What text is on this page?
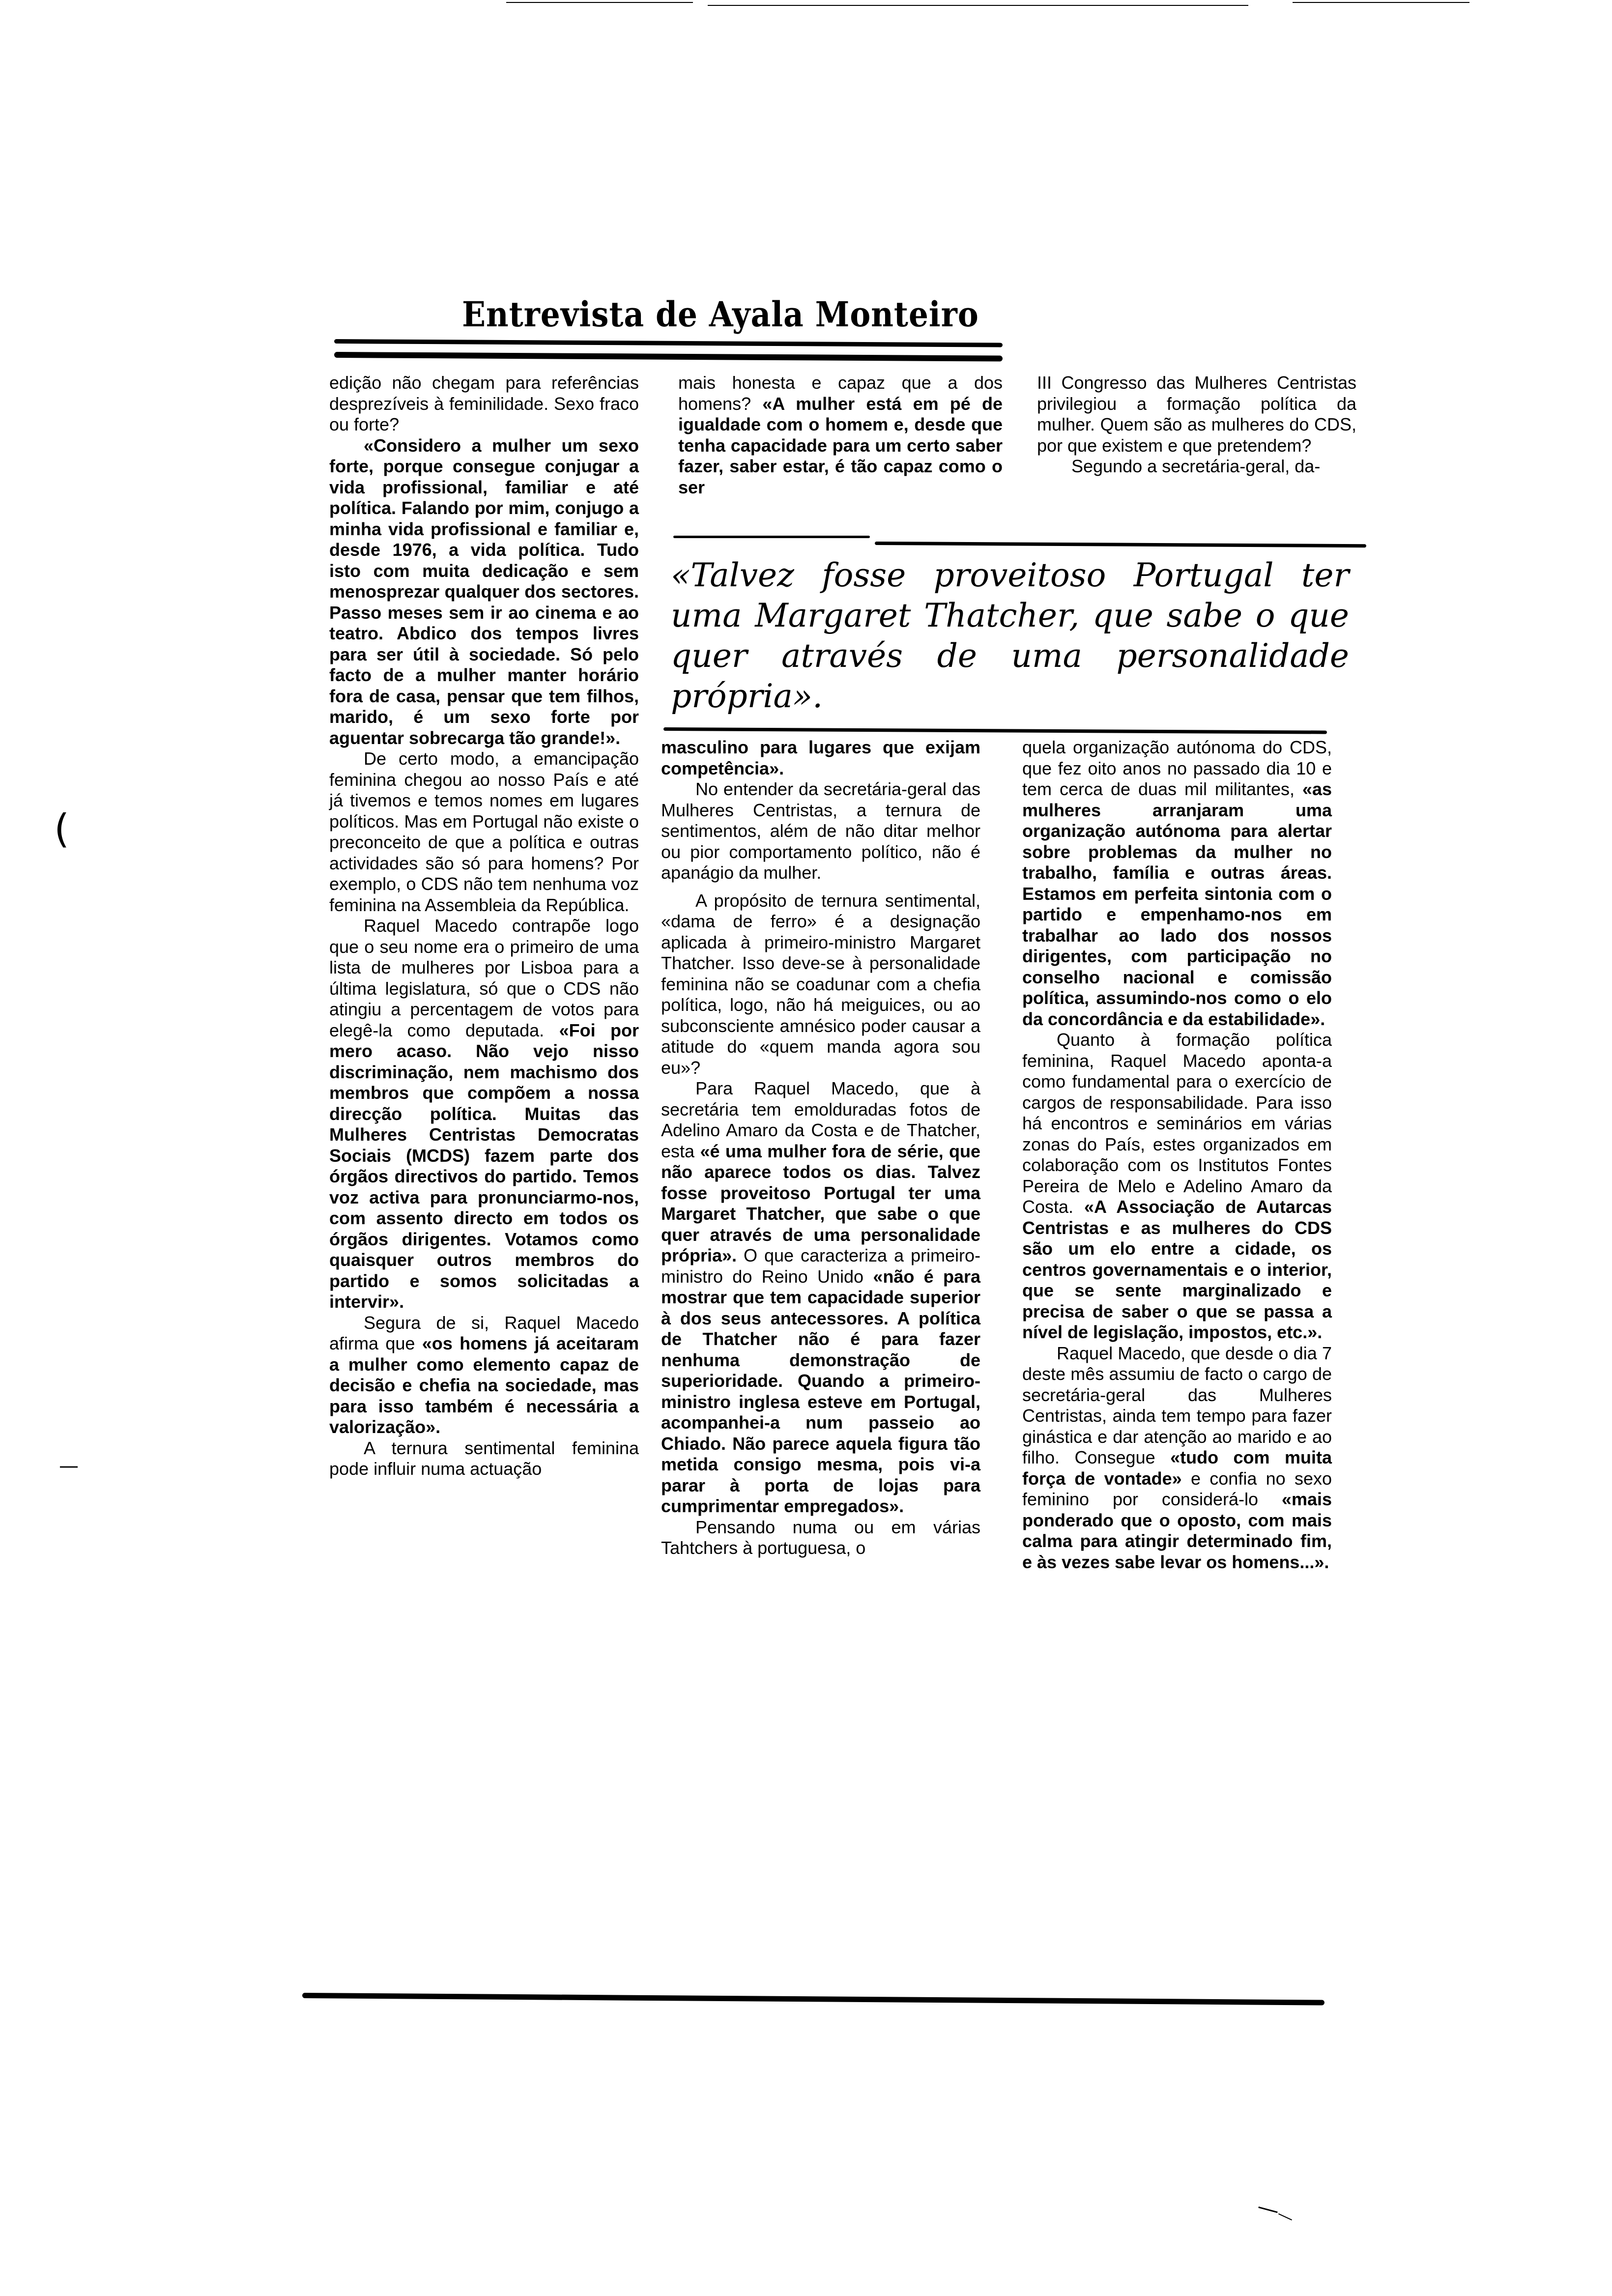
Entrevista de Ayala Monteiro

mais honesta e capaz que a dos homens? «A mulher está em pé de igualdade com o homem e, desde que tenha capacidade para um certo saber fazer, saber estar, é tão capaz como o ser

III Congresso das Mulheres Centristas privilegiou a formação política da mulher. Quem são as mulheres do CDS, por que existem e que pretendem?

Segundo a secretária-geral, da-

«Talvez fosse proveitoso Portugal ter uma Margaret Thatcher, que sabe o que quer através de uma personalidade própria».

edição não chegam para referências desprezíveis à feminilidade. Sexo fraco ou forte?

«Considero a mulher um sexo forte, porque consegue conjugar a vida profissional, familiar e até política. Falando por mim, conjugo a minha vida profissional e familiar e, desde 1976, a vida política. Tudo isto com muita dedicação e sem menosprezar qualquer dos sectores. Passo meses sem ir ao cinema e ao teatro. Abdico dos tempos livres para ser útil à sociedade. Só pelo facto de a mulher manter horário fora de casa, pensar que tem filhos, marido, é um sexo forte por aguentar sobrecarga tão grande!».

De certo modo, a emancipação feminina chegou ao nosso País e até já tivemos e temos nomes em lugares políticos. Mas em Portugal não existe o preconceito de que a política e outras actividades são só para homens? Por exemplo, o CDS não tem nenhuma voz feminina na Assembleia da República.

Raquel Macedo contrapõe logo que o seu nome era o primeiro de uma lista de mulheres por Lisboa para a última legislatura, só que o CDS não atingiu a percentagem de votos para elegê-la como deputada. «Foi por mero acaso. Não vejo nisso discriminação, nem machismo dos membros que compõem a nossa direcção política. Muitas das Mulheres Centristas Democratas Sociais (MCDS) fazem parte dos órgãos directivos do partido. Temos voz activa para pronunciarmo-nos, com assento directo em todos os órgãos dirigentes. Votamos como quaisquer outros membros do partido e somos solicitadas a intervir».

Segura de si, Raquel Macedo afirma que «os homens já aceitaram a mulher como elemento capaz de decisão e chefia na sociedade, mas para isso também é necessária a valorização».

A ternura sentimental feminina pode influir numa actuação

masculino para lugares que exijam competência».

No entender da secretária-geral das Mulheres Centristas, a ternura de sentimentos, além de não ditar melhor ou pior comportamento político, não é apanágio da mulher.

A propósito de ternura sentimental, «dama de ferro» é a designação aplicada à primeiro-ministro Margaret Thatcher. Isso deve-se à personalidade feminina não se coadunar com a chefia política, logo, não há meiguices, ou ao subconsciente amnésico poder causar a atitude do «quem manda agora sou eu»?

Para Raquel Macedo, que à secretária tem emolduradas fotos de Adelino Amaro da Costa e de Thatcher, esta «é uma mulher fora de série, que não aparece todos os dias. Talvez fosse proveitoso Portugal ter uma Margaret Thatcher, que sabe o que quer através de uma personalidade própria». O que caracteriza a primeiro-ministro do Reino Unido «não é para mostrar que tem capacidade superior à dos seus antecessores. A política de Thatcher não é para fazer nenhuma demonstração de superioridade. Quando a primeiro-ministro inglesa esteve em Portugal, acompanhei-a num passeio ao Chiado. Não parece aquela figura tão metida consigo mesma, pois vi-a parar à porta de lojas para cumprimentar empregados».

Pensando numa ou em várias Tahtchers à portuguesa, o

quela organização autónoma do CDS, que fez oito anos no passado dia 10 e tem cerca de duas mil militantes, «as mulheres arranjaram uma organização autónoma para alertar sobre problemas da mulher no trabalho, família e outras áreas. Estamos em perfeita sintonia com o partido e empenhamo-nos em trabalhar ao lado dos nossos dirigentes, com participação no conselho nacional e comissão política, assumindo-nos como o elo da concordância e da estabilidade».

Quanto à formação política feminina, Raquel Macedo aponta-a como fundamental para o exercício de cargos de responsabilidade. Para isso há encontros e seminários em várias zonas do País, estes organizados em colaboração com os Institutos Fontes Pereira de Melo e Adelino Amaro da Costa. «A Associação de Autarcas Centristas e as mulheres do CDS são um elo entre a cidade, os centros governamentais e o interior, que se sente marginalizado e precisa de saber o que se passa a nível de legislação, impostos, etc.».

Raquel Macedo, que desde o dia 7 deste mês assumiu de facto o cargo de secretária-geral das Mulheres Centristas, ainda tem tempo para fazer ginástica e dar atenção ao marido e ao filho. Consegue «tudo com muita força de vontade» e confia no sexo feminino por considerá-lo «mais ponderado que o oposto, com mais calma para atingir determinado fim, e às vezes sabe levar os homens...».

(
—
